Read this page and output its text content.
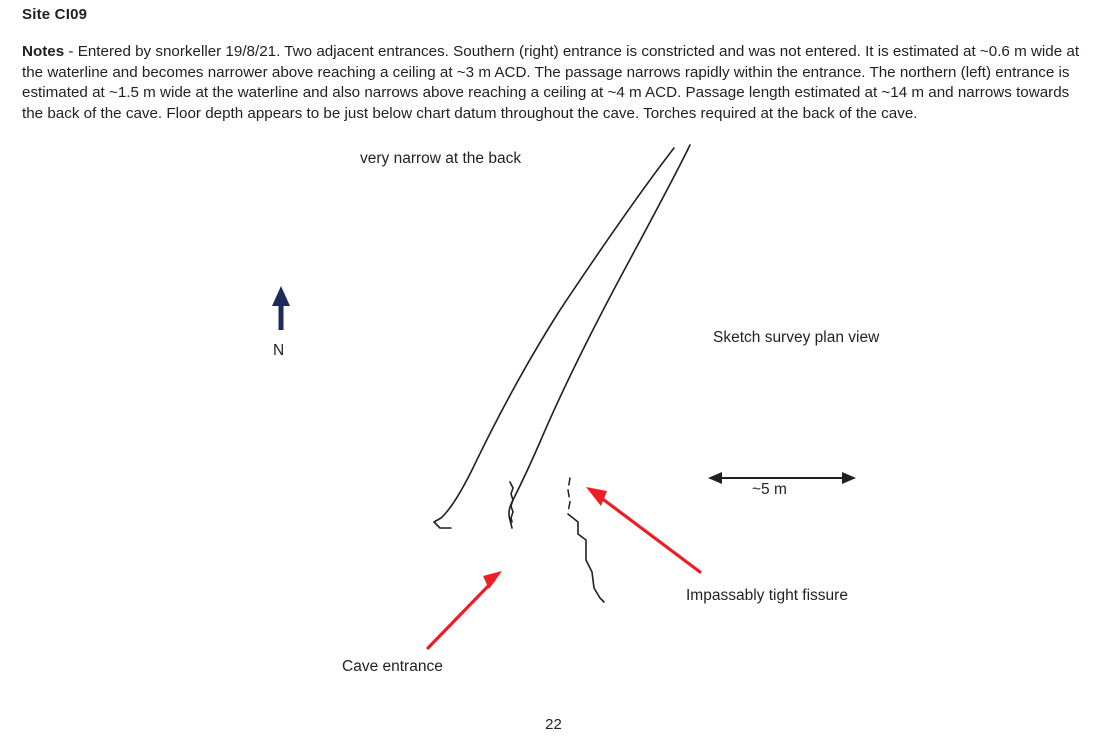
Site CI09
Notes - Entered by snorkeller 19/8/21. Two adjacent entrances. Southern (right) entrance is constricted and was not entered. It is estimated at ~0.6 m wide at the waterline and becomes narrower above reaching a ceiling at ~3 m ACD. The passage narrows rapidly within the entrance. The northern (left) entrance is estimated at ~1.5 m wide at the waterline and also narrows above reaching a ceiling at ~4 m ACD. Passage length estimated at ~14 m and narrows towards the back of the cave. Floor depth appears to be just below chart datum throughout the cave. Torches required at the back of the cave.
very narrow at the back
Sketch survey plan view
~5 m
Impassably tight fissure
Cave entrance
N
22
